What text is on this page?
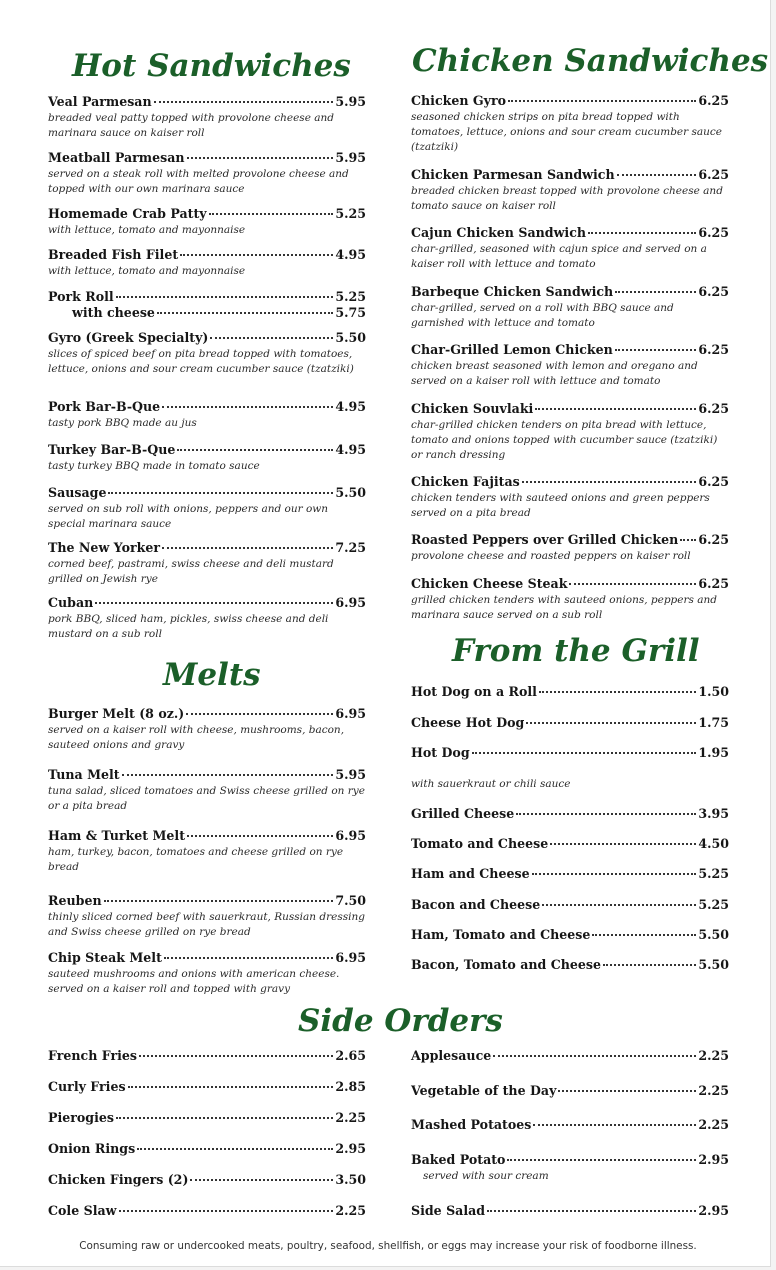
Hot Sandwiches
Veal Parmesan	5.95
breaded veal patty topped with provolone cheese and marinara sauce on kaiser roll
Meatball Parmesan	5.95
served on a steak roll with melted provolone cheese and topped with our own marinara sauce
Homemade Crab Patty	5.25
with lettuce, tomato and mayonnaise
Breaded Fish Filet	4.95
with lettuce, tomato and mayonnaise
Pork Roll	5.25
with cheese	5.75
Gyro (Greek Specialty)	5.50
slices of spiced beef on pita bread topped with tomatoes, lettuce, onions and sour cream cucumber sauce (tzatziki)
Pork Bar-B-Que	4.95
tasty pork BBQ made au jus
Turkey Bar-B-Que	4.95
tasty turkey BBQ made in tomato sauce
Sausage	5.50
served on sub roll with onions, peppers and our own special marinara sauce
The New Yorker	7.25
corned beef, pastrami, swiss cheese and deli mustard grilled on Jewish rye
Cuban	6.95
pork BBQ, sliced ham, pickles, swiss cheese and deli mustard on a sub roll
Melts
Burger Melt (8 oz.)	6.95
served on a kaiser roll with cheese, mushrooms, bacon, sauteed onions and gravy
Tuna Melt	5.95
tuna salad, sliced tomatoes and Swiss cheese grilled on rye or a pita bread
Ham & Turket Melt	6.95
ham, turkey, bacon, tomatoes and cheese grilled on rye bread
Reuben	7.50
thinly sliced corned beef with sauerkraut, Russian dressing and Swiss cheese grilled on rye bread
Chip Steak Melt	6.95
sauteed mushrooms and onions with american cheese. served on a kaiser roll and topped with gravy
Chicken Sandwiches
Chicken Gyro	6.25
seasoned chicken strips on pita bread topped with tomatoes, lettuce, onions and sour cream cucumber sauce (tzatziki)
Chicken Parmesan Sandwich	6.25
breaded chicken breast topped with provolone cheese and tomato sauce on kaiser roll
Cajun Chicken Sandwich	6.25
char-grilled, seasoned with cajun spice and served on a kaiser roll with lettuce and tomato
Barbeque Chicken Sandwich	6.25
char-grilled, served on a roll with BBQ sauce and garnished with lettuce and tomato
Char-Grilled Lemon Chicken	6.25
chicken breast seasoned with lemon and oregano and served on a kaiser roll with lettuce and tomato
Chicken Souvlaki	6.25
char-grilled chicken tenders on pita bread with lettuce, tomato and onions topped with cucumber sauce (tzatziki) or ranch dressing
Chicken Fajitas	6.25
chicken tenders with sauteed onions and green peppers served on a pita bread
Roasted Peppers over Grilled Chicken 6.25
provolone cheese and roasted peppers on kaiser roll
Chicken Cheese Steak	6.25
grilled chicken tenders with sauteed onions, peppers and marinara sauce served on a sub roll
From the Grill
Hot Dog on a Roll	1.50
Cheese Hot Dog	1.75
Hot Dog	1.95
with sauerkraut or chili sauce
Grilled Cheese	3.95
Tomato and Cheese	4.50
Ham and Cheese	5.25
Bacon and Cheese	5.25
Ham, Tomato and Cheese	5.50
Bacon, Tomato and Cheese	5.50
Side Orders
French Fries	2.65
Curly Fries	2.85
Pierogies	2.25
Onion Rings	2.95
Chicken Fingers (2)	3.50
Cole Slaw	2.25
Applesauce	2.25
Vegetable of the Day	2.25
Mashed Potatoes	2.25
Baked Potato	2.95
served with sour cream
Side Salad	2.95
Consuming raw or undercooked meats, poultry, seafood, shellfish, or eggs may increase your risk of foodborne illness.
